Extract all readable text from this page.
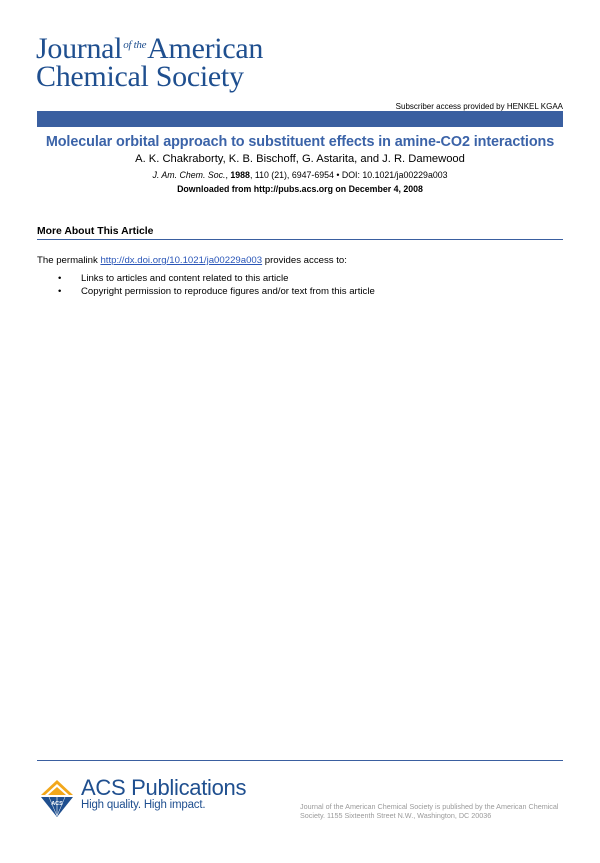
Journal$^{of the}$American
Chemical Society
Subscriber access provided by HENKEL KGAA
Molecular orbital approach to substituent effects in amine-CO2 interactions
A. K. Chakraborty, K. B. Bischoff, G. Astarita, and J. R. Damewood
J. Am. Chem. Soc., 1988, 110 (21), 6947-6954 • DOI: 10.1021/ja00229a003
Downloaded from http://pubs.acs.org on December 4, 2008
More About This Article
The permalink http://dx.doi.org/10.1021/ja00229a003 provides access to:
•	Links to articles and content related to this article
•	Copyright permission to reproduce figures and/or text from this article
ACS
ACS Publications
High quality. High impact.	Journal of the American Chemical Society is published by the American Chemical Society. 1155 Sixteenth Street N.W., Washington, DC 20036
